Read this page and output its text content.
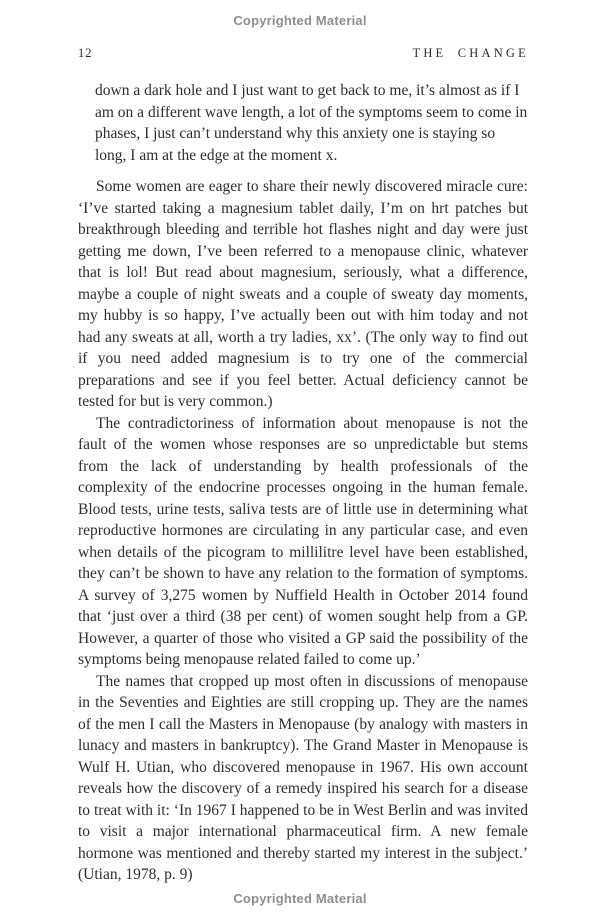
Copyrighted Material
12	THE CHANGE

down a dark hole and I just want to get back to me, it’s almost as if I am on a different wave length, a lot of the symptoms seem to come in phases, I just can’t understand why this anxiety one is staying so long, I am at the edge at the moment x.

Some women are eager to share their newly discovered miracle cure: ‘I’ve started taking a magnesium tablet daily, I’m on hrt patches but breakthrough bleeding and terrible hot flashes night and day were just getting me down, I’ve been referred to a menopause clinic, whatever that is lol! But read about magnesium, seriously, what a difference, maybe a couple of night sweats and a couple of sweaty day moments, my hubby is so happy, I’ve actually been out with him today and not had any sweats at all, worth a try ladies, xx’. (The only way to find out if you need added magnesium is to try one of the commercial preparations and see if you feel better. Actual deficiency cannot be tested for but is very common.)

The contradictoriness of information about menopause is not the fault of the women whose responses are so unpredictable but stems from the lack of understanding by health professionals of the complexity of the endocrine processes ongoing in the human female. Blood tests, urine tests, saliva tests are of little use in determining what reproductive hormones are circulating in any particular case, and even when details of the picogram to millilitre level have been established, they can’t be shown to have any relation to the formation of symptoms. A survey of 3,275 women by Nuffield Health in October 2014 found that ‘just over a third (38 per cent) of women sought help from a GP. However, a quarter of those who visited a GP said the possibility of the symptoms being menopause related failed to come up.’

The names that cropped up most often in discussions of menopause in the Seventies and Eighties are still cropping up. They are the names of the men I call the Masters in Menopause (by analogy with masters in lunacy and masters in bankruptcy). The Grand Master in Menopause is Wulf H. Utian, who discovered menopause in 1967. His own account reveals how the discovery of a remedy inspired his search for a disease to treat with it: ‘In 1967 I happened to be in West Berlin and was invited to visit a major international pharmaceutical firm. A new female hormone was mentioned and thereby started my interest in the subject.’ (Utian, 1978, p. 9)

Copyrighted Material
